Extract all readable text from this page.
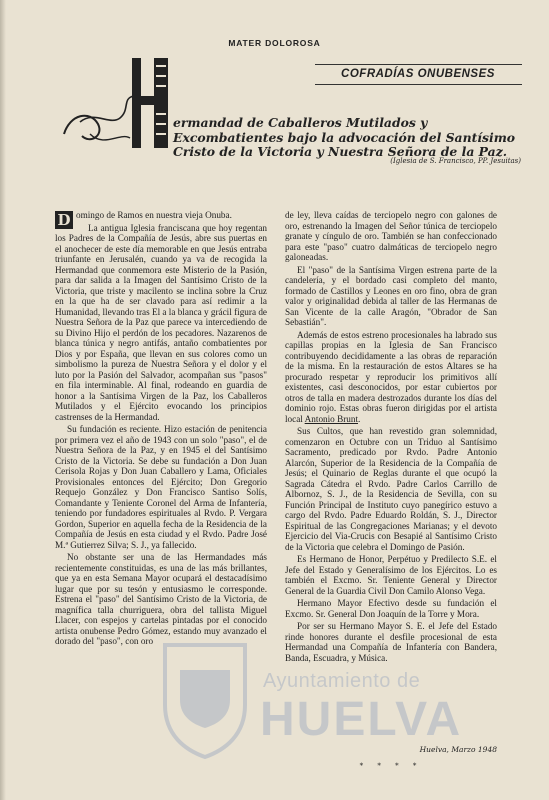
MATER DOLOROSA
COFRADÍAS ONUBENSES
ermandad de Caballeros Mutilados y Excombatientes bajo la advocación del Santísimo Cristo de la Victoria y Nuestra Señora de la Paz.
(Iglesia de S. Francisco, PP. Jesuitas)

D omingo de Ramos en nuestra vieja Onuba.

La antigua Iglesia franciscana que hoy regentan los Padres de la Compañía de Jesús, abre sus puertas en el anochecer de este día memorable en que Jesús entraba triunfante en Jerusalén, cuando ya va de recogida la Hermandad que conmemora este Misterio de la Pasión, para dar salida a la Imagen del Santísimo Cristo de la Victoria, que triste y macilento se inclina sobre la Cruz en la que ha de ser clavado para así redimir a la Humanidad, llevando tras El a la blanca y grácil figura de Nuestra Señora de la Paz que parece va intercediendo de su Divino Hijo el perdón de los pecadores. Nazarenos de blanca túnica y negro antifás, antaño combatientes por Dios y por España, que llevan en sus colores como un simbolismo la pureza de Nuestra Señora y el dolor y el luto por la Pasión del Salvador, acompañan sus "pasos" en fila interminable. Al final, rodeando en guardia de honor a la Santísima Virgen de la Paz, los Caballeros Mutilados y el Ejército evocando los principios castrenses de la Hermandad.

Su fundación es reciente. Hizo estación de penitencia por primera vez el año de 1943 con un solo "paso", el de Nuestra Señora de la Paz, y en 1945 el del Santísimo Cristo de la Victoria. Se debe su fundación a Don Juan Cerisola Rojas y Don Juan Caballero y Lama, Oficiales Provisionales entonces del Ejército; Don Gregorio Requejo González y Don Francisco Santiso Solís, Comandante y Teniente Coronel del Arma de Infantería, teniendo por fundadores espirituales al Rvdo. P. Vergara Gordon, Superior en aquella fecha de la Residencia de la Compañía de Jesús en esta ciudad y el Rvdo. Padre José M.ª Gutierrez Silva; S. J., ya fallecido.

No obstante ser una de las Hermandades más recientemente constituidas, es una de las más brillantes, que ya en esta Semana Mayor ocupará el destacadísimo lugar que por su tesón y entusiasmo le corresponde. Estrena el "paso" del Santísimo Cristo de la Victoria, de magnífica talla churriguera, obra del tallista Miguel Llacer, con espejos y cartelas pintadas por el conocido artista onubense Pedro Gómez, estando muy avanzado el dorado del "paso", con oro

de ley, lleva caídas de terciopelo negro con galones de oro, estrenando la Imagen del Señor túnica de terciopelo granate y cíngulo de oro. También se han confeccionado para este "paso" cuatro dalmáticas de terciopelo negro galoneadas.

El "paso" de la Santísima Virgen estrena parte de la candelería, y el bordado casi completo del manto, formado de Castillos y Leones en oro fino, obra de gran valor y originalidad debida al taller de las Hermanas de San Vicente de la calle Aragón, "Obrador de San Sebastián".

Además de estos estreno procesionales ha labrado sus capillas propias en la Iglesia de San Francisco contribuyendo decididamente a las obras de reparación de la misma. En la restauración de estos Altares se ha procurado respetar y reproducir los primitivos allí existentes, casi desconocidos, por estar cubiertos por otros de talla en madera destrozados durante los días del dominio rojo. Estas obras fueron dirigidas por el artista local Antonio Brunt.

Sus Cultos, que han revestido gran solemnidad, comenzaron en Octubre con un Triduo al Santísimo Sacramento, predicado por Rvdo. Padre Antonio Alarcón, Superior de la Residencia de la Compañía de Jesús; el Quinario de Reglas durante el que ocupó la Sagrada Cátedra el Rvdo. Padre Carlos Carrillo de Albornoz, S. J., de la Residencia de Sevilla, con su Función Principal de Instituto cuyo panegírico estuvo a cargo del Rvdo. Padre Eduardo Roldán, S. J., Director Espiritual de las Congregaciones Marianas; y el devoto Ejercicio del Via-Crucis con Besapié al Santísimo Cristo de la Victoria que celebra el Domingo de Pasión.

Es Hermano de Honor, Perpétuo y Predilecto S.E. el Jefe del Estado y Generalísimo de los Ejércitos. Lo es también el Excmo. Sr. Teniente General y Director General de la Guardia Civil Don Camilo Alonso Vega.

Hermano Mayor Efectivo desde su fundación el Excmo. Sr. General Don Joaquín de la Torre y Mora.

Por ser su Hermano Mayor S. E. el Jefe del Estado rinde honores durante el desfile procesional de esta Hermandad una Compañía de Infantería con Bandera, Banda, Escuadra, y Música.

Huelva, Marzo 1948
* * * *
Ayuntamiento de
HUELVA
